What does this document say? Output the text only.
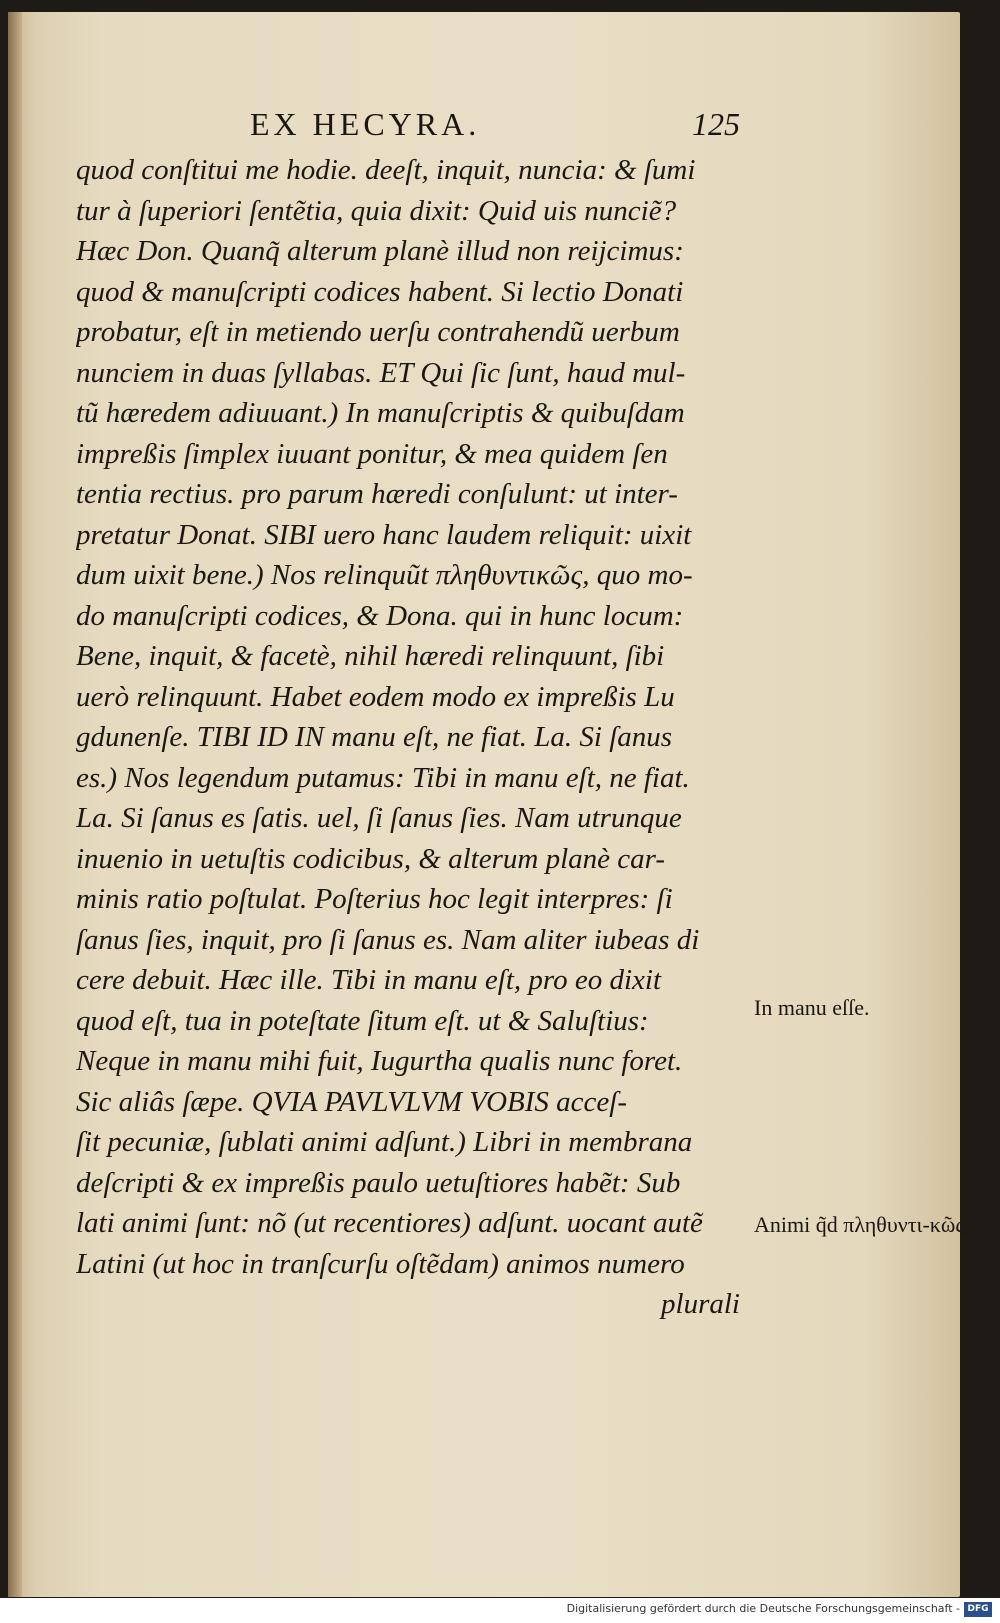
EX HECYRA.	125
quod conſtitui me hodie. deeſt, inquit, nuncia: & ſumi
tur à ſuperiori ſentẽtia, quia dixit: Quid uis nunciẽ?
Hæc Don. Quanq̃ alterum planè illud non reijcimus:
quod & manuſcripti codices habent. Si lectio Donati
probatur, eſt in metiendo uerſu contrahendũ uerbum
nunciem in duas ſyllabas. ET Qui ſic ſunt, haud mul-
tũ hæredem adiuuant.) In manuſcriptis & quibuſdam
impreßis ſimplex iuuant ponitur, & mea quidem ſen
tentia rectius. pro parum hæredi conſulunt: ut inter-
pretatur Donat. SIBI uero hanc laudem reliquit: uixit
dum uixit bene.) Nos relinquũt πληθυντικῶς, quo mo-
do manuſcripti codices, & Dona. qui in hunc locum:
Bene, inquit, & facetè, nihil hæredi relinquunt, ſibi
uerò relinquunt. Habet eodem modo ex impreßis Lu
gdunenſe. TIBI ID IN manu eſt, ne fiat. La. Si ſanus
es.) Nos legendum putamus: Tibi in manu eſt, ne fiat.
La. Si ſanus es ſatis. uel, ſi ſanus ſies. Nam utrunque
inuenio in uetuſtis codicibus, & alterum planè car-
minis ratio poſtulat. Poſterius hoc legit interpres: ſi
ſanus ſies, inquit, pro ſi ſanus es. Nam aliter iubeas di
cere debuit. Hæc ille. Tibi in manu eſt, pro eo dixit
quod eſt, tua in poteſtate ſitum eſt. ut & Saluſtius:
Neque in manu mihi fuit, Iugurtha qualis nunc foret.
Sic aliâs ſæpe. QVIA PAVLVLVM VOBIS acceſ-
ſit pecuniæ, ſublati animi adſunt.) Libri in membrana
deſcripti & ex impreßis paulo uetuſtiores habẽt: Sub
lati animi ſunt: nõ (ut recentiores) adſunt. uocant autẽ
Latini (ut hoc in tranſcurſu oſtẽdam) animos numero
plurali
In manu eſſe.
Animi q̃d πληθυντι-κῶς
Digitalisierung gefördert durch die Deutsche Forschungsgemeinschaft - DFG
